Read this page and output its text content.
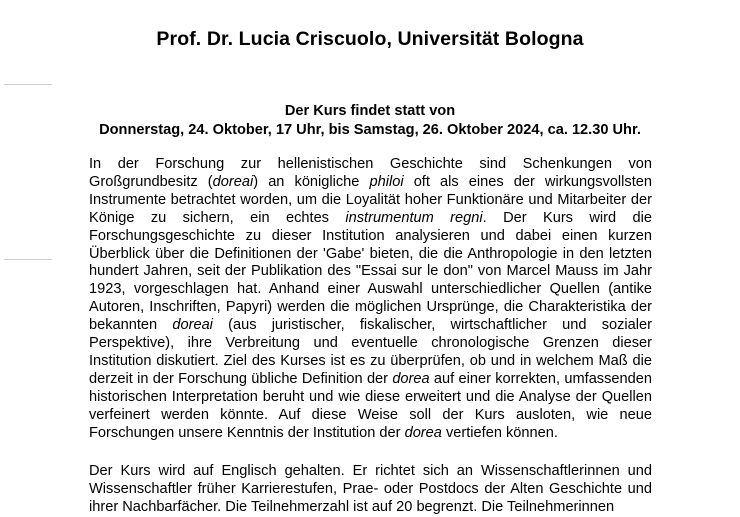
Prof. Dr. Lucia Criscuolo, Universität Bologna
Der Kurs findet statt von
Donnerstag, 24. Oktober, 17 Uhr, bis Samstag, 26. Oktober 2024, ca. 12.30 Uhr.

In der Forschung zur hellenistischen Geschichte sind Schenkungen von Großgrundbesitz (doreai) an königliche philoi oft als eines der wirkungsvollsten Instrumente betrachtet worden, um die Loyalität hoher Funktionäre und Mitarbeiter der Könige zu sichern, ein echtes instrumentum regni. Der Kurs wird die Forschungsgeschichte zu dieser Institution analysieren und dabei einen kurzen Überblick über die Definitionen der 'Gabe' bieten, die die Anthropologie in den letzten hundert Jahren, seit der Publikation des "Essai sur le don" von Marcel Mauss im Jahr 1923, vorgeschlagen hat. Anhand einer Auswahl unterschiedlicher Quellen (antike Autoren, Inschriften, Papyri) werden die möglichen Ursprünge, die Charakteristika der bekannten doreai (aus juristischer, fiskalischer, wirtschaftlicher und sozialer Perspektive), ihre Verbreitung und eventuelle chronologische Grenzen dieser Institution diskutiert. Ziel des Kurses ist es zu überprüfen, ob und in welchem Maß die derzeit in der Forschung übliche Definition der dorea auf einer korrekten, umfassenden historischen Interpretation beruht und wie diese erweitert und die Analyse der Quellen verfeinert werden könnte. Auf diese Weise soll der Kurs ausloten, wie neue Forschungen unsere Kenntnis der Institution der dorea vertiefen können.

Der Kurs wird auf Englisch gehalten. Er richtet sich an Wissenschaftlerinnen und Wissenschaftler früher Karrierestufen, Prae- oder Postdocs der Alten Geschichte und ihrer Nachbarfächer. Die Teilnehmerzahl ist auf 20 begrenzt. Die Teilnehmerinnen
